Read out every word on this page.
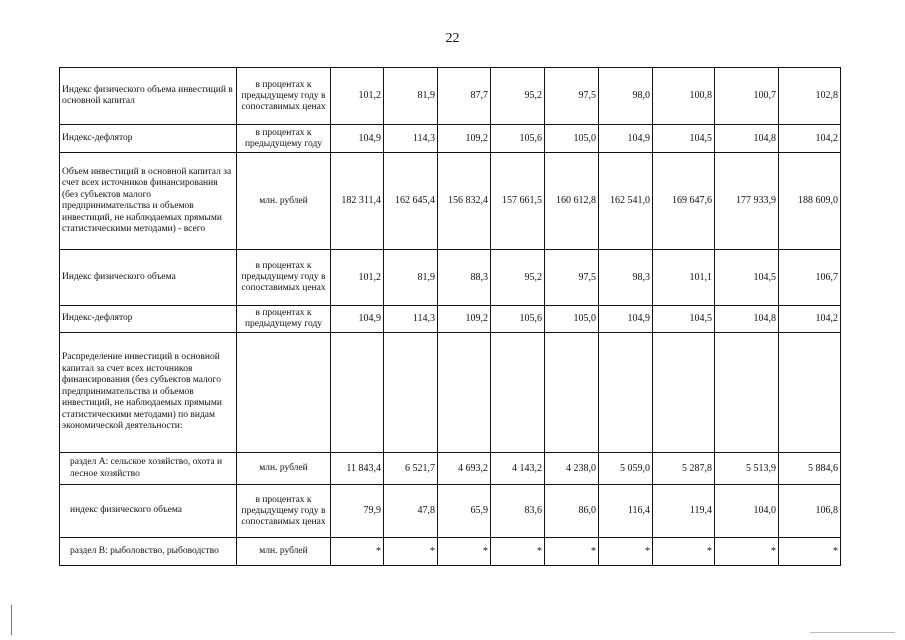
22
Индекс физического объема инвестиций в основной капитал	в процентах к предыдущему году в сопоставимых ценах	101,2	81,9	87,7	95,2	97,5	98,0	100,8	100,7	102,8
Индекс-дефлятор	в процентах к предыдущему году	104,9	114,3	109,2	105,6	105,0	104,9	104,5	104,8	104,2
Объем инвестиций в основной капитал за счет всех источников финансирования (без субъектов малого предпринимательства и объемов инвестиций, не наблюдаемых прямыми статистическими методами) - всего	млн. рублей	182 311,4	162 645,4	156 832,4	157 661,5	160 612,8	162 541,0	169 647,6	177 933,9	188 609,0
Индекс физического объема	в процентах к предыдущему году в сопоставимых ценах	101,2	81,9	88,3	95,2	97,5	98,3	101,1	104,5	106,7
Индекс-дефлятор	в процентах к предыдущему году	104,9	114,3	109,2	105,6	105,0	104,9	104,5	104,8	104,2
Распределение инвестиций в основной капитал за счет всех источников финансирования (без субъектов малого предпринимательства и объемов инвестиций, не наблюдаемых прямыми статистическими методами) по видам экономической деятельности:										
раздел А: сельское хозяйство, охота и лесное хозяйство	млн. рублей	11 843,4	6 521,7	4 693,2	4 143,2	4 238,0	5 059,0	5 287,8	5 513,9	5 884,6
индекс физического объема	в процентах к предыдущему году в сопоставимых ценах	79,9	47,8	65,9	83,6	86,0	116,4	119,4	104,0	106,8
раздел В: рыболовство, рыбоводство	млн. рублей	*	*	*	*	*	*	*	*	*
